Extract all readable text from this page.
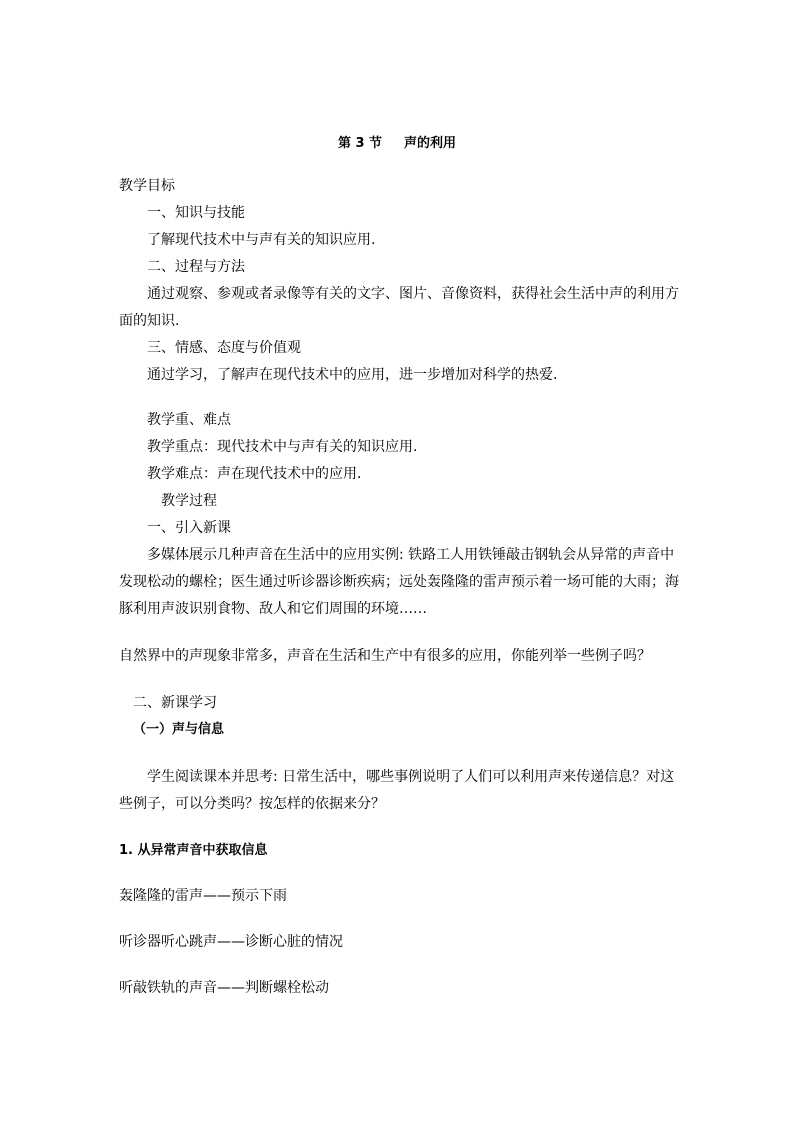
第 3 节 声的利用
教学目标
一、知识与技能
了解现代技术中与声有关的知识应用.
二、过程与方法
通过观察、参观或者录像等有关的文字、图片、音像资料，获得社会生活中声的利用方
面的知识.
三、情感、态度与价值观
通过学习，了解声在现代技术中的应用，进一步增加对科学的热爱.
教学重、难点
教学重点：现代技术中与声有关的知识应用.
教学难点：声在现代技术中的应用.
教学过程
一、引入新课
多媒体展示几种声音在生活中的应用实例: 铁路工人用铁锤敲击钢轨会从异常的声音中
发现松动的螺栓；医生通过听诊器诊断疾病；远处轰隆隆的雷声预示着一场可能的大雨；海
豚利用声波识别食物、敌人和它们周围的环境……
自然界中的声现象非常多，声音在生活和生产中有很多的应用，你能列举一些例子吗？
二、新课学习
（一）声与信息
学生阅读课本并思考: 日常生活中，哪些事例说明了人们可以利用声来传递信息？对这
些例子，可以分类吗？按怎样的依据来分？
1. 从异常声音中获取信息
轰隆隆的雷声——预示下雨
听诊器听心跳声——诊断心脏的情况
听敲铁轨的声音——判断螺栓松动
